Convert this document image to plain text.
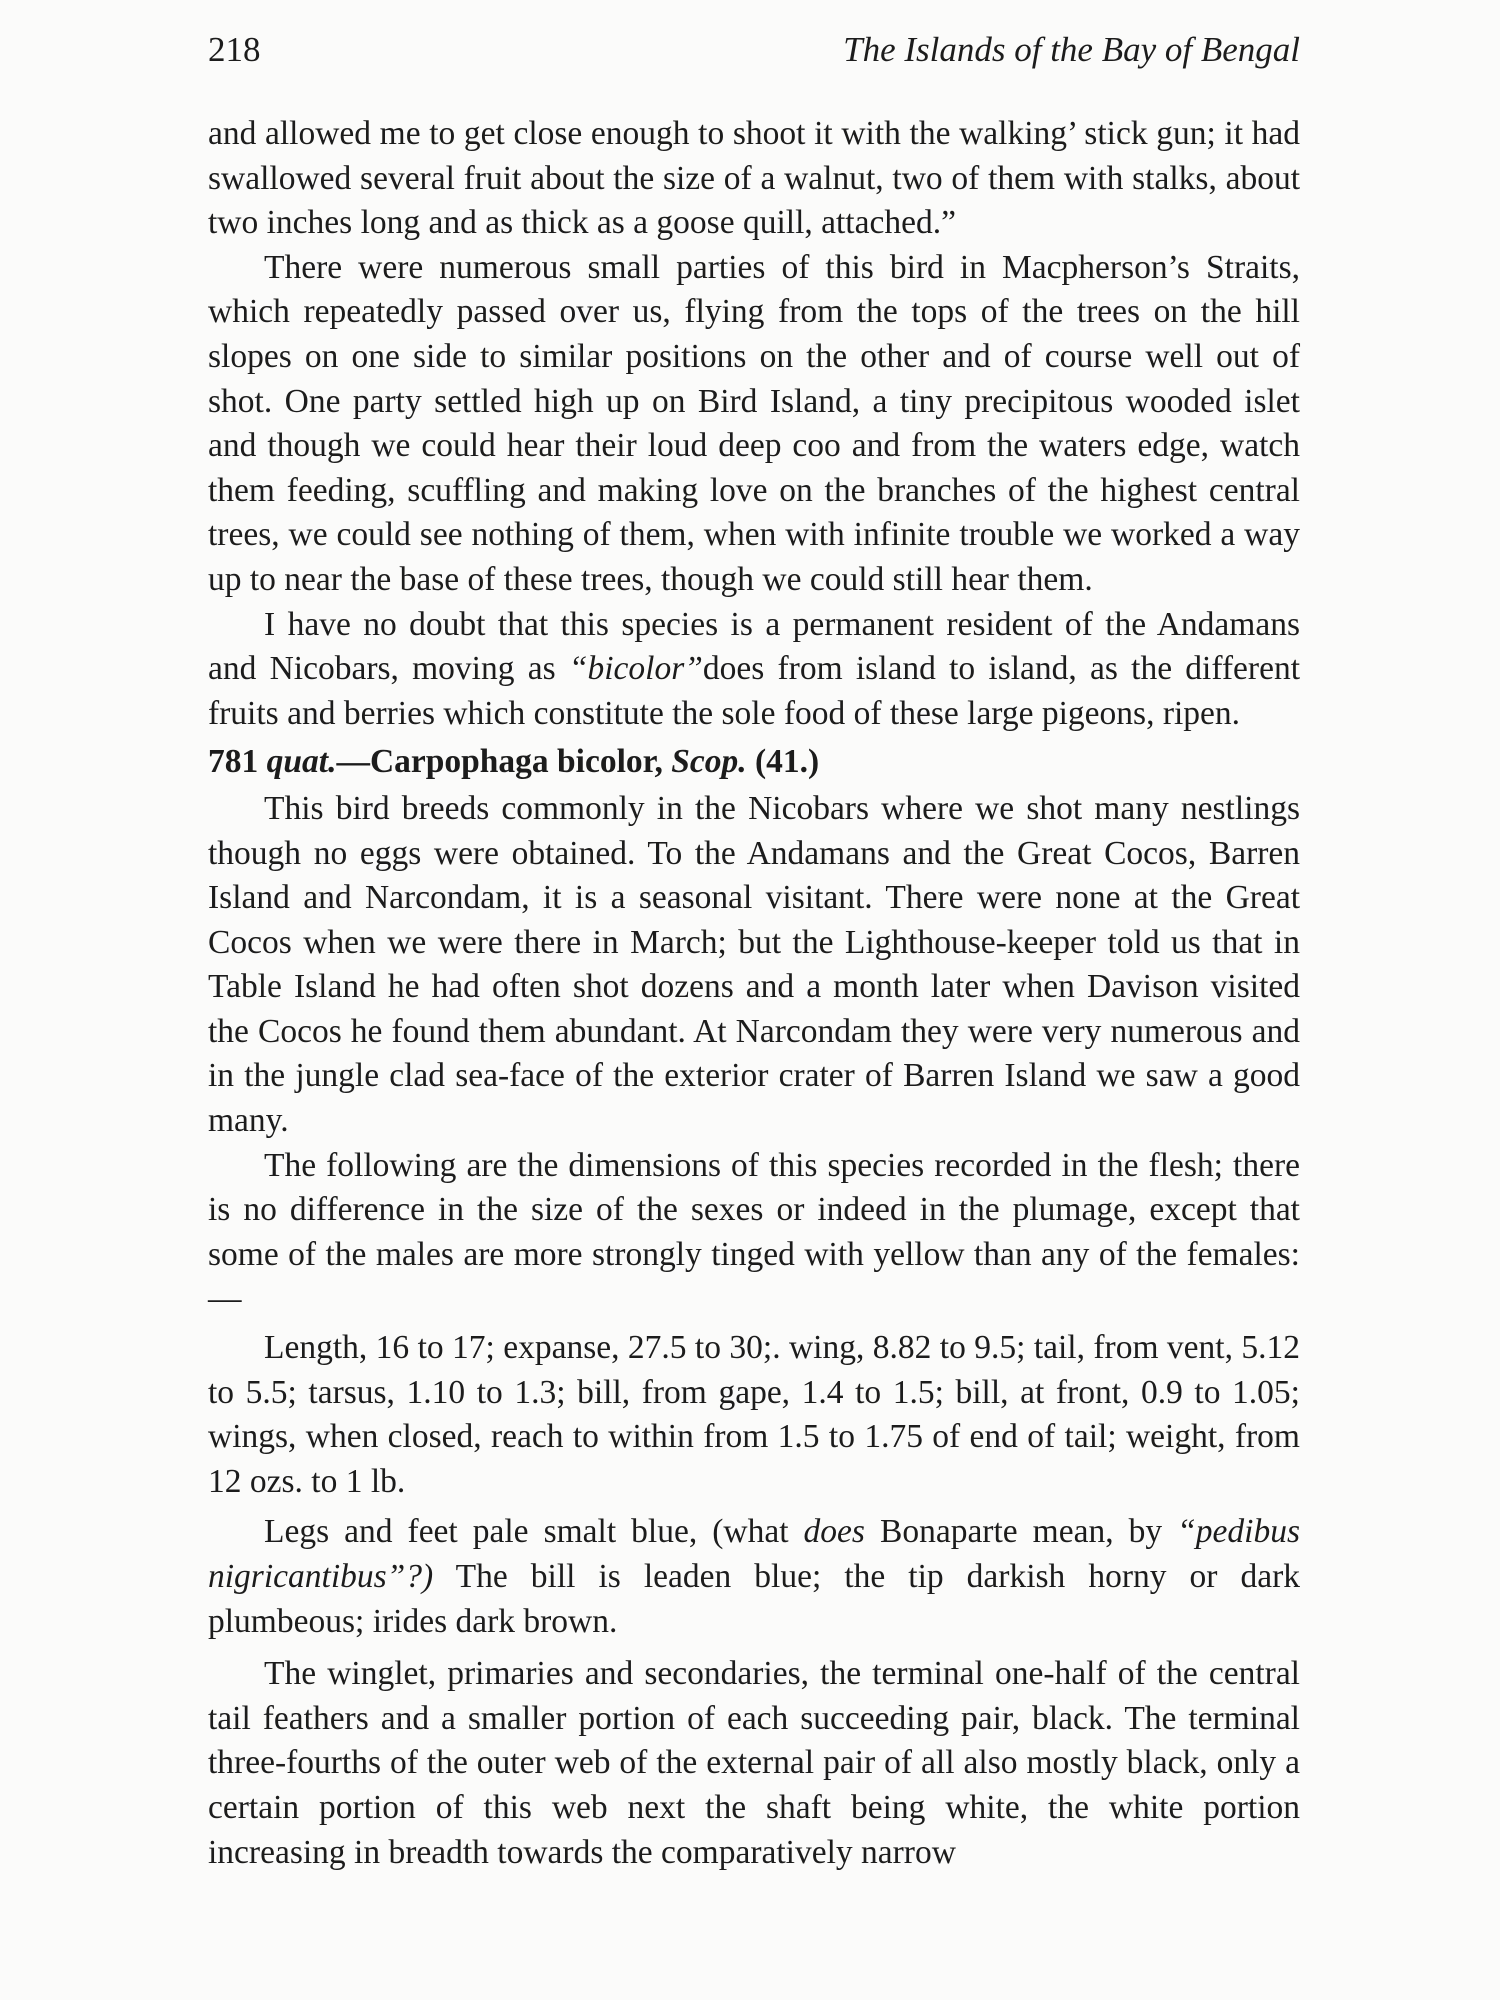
218	The Islands of the Bay of Bengal

and allowed me to get close enough to shoot it with the walking’ stick gun; it had swallowed several fruit about the size of a walnut, two of them with stalks, about two inches long and as thick as a goose quill, attached.”

There were numerous small parties of this bird in Macpherson’s Straits, which repeatedly passed over us, flying from the tops of the trees on the hill slopes on one side to similar positions on the other and of course well out of shot. One party settled high up on Bird Island, a tiny precipitous wooded islet and though we could hear their loud deep coo and from the waters edge, watch them feeding, scuffling and making love on the branches of the highest central trees, we could see nothing of them, when with infinite trouble we worked a way up to near the base of these trees, though we could still hear them.

I have no doubt that this species is a permanent resident of the Andamans and Nicobars, moving as “bicolor”does from island to island, as the different fruits and berries which constitute the sole food of these large pigeons, ripen.

781 quat.—Carpophaga bicolor, Scop. (41.)

This bird breeds commonly in the Nicobars where we shot many nestlings though no eggs were obtained. To the Andamans and the Great Cocos, Barren Island and Narcondam, it is a seasonal visitant. There were none at the Great Cocos when we were there in March; but the Lighthouse-keeper told us that in Table Island he had often shot dozens and a month later when Davison visited the Cocos he found them abundant. At Narcondam they were very numerous and in the jungle clad sea-face of the exterior crater of Barren Island we saw a good many.

The following are the dimensions of this species recorded in the flesh; there is no difference in the size of the sexes or indeed in the plumage, except that some of the males are more strongly tinged with yellow than any of the females:—

Length, 16 to 17; expanse, 27.5 to 30;. wing, 8.82 to 9.5; tail, from vent, 5.12 to 5.5; tarsus, 1.10 to 1.3; bill, from gape, 1.4 to 1.5; bill, at front, 0.9 to 1.05; wings, when closed, reach to within from 1.5 to 1.75 of end of tail; weight, from 12 ozs. to 1 lb.

Legs and feet pale smalt blue, (what does Bonaparte mean, by “pedibus nigricantibus”?) The bill is leaden blue; the tip darkish horny or dark plumbeous; irides dark brown.

The winglet, primaries and secondaries, the terminal one-half of the central tail feathers and a smaller portion of each succeeding pair, black. The terminal three-fourths of the outer web of the external pair of all also mostly black, only a certain portion of this web next the shaft being white, the white portion increasing in breadth towards the comparatively narrow
